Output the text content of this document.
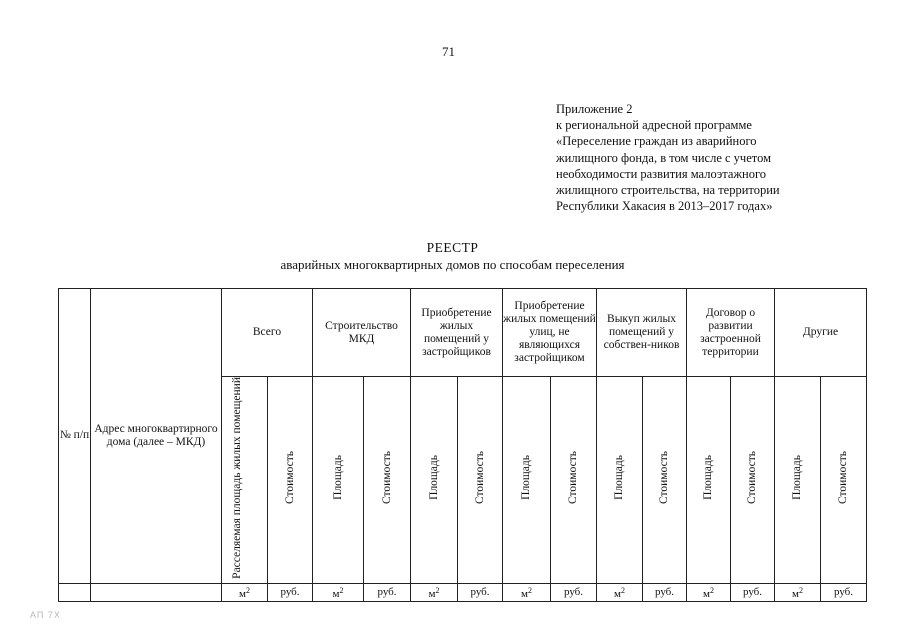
71
Приложение 2
к региональной адресной программе
«Переселение граждан из аварийного
жилищного фонда, в том числе с учетом
необходимости развития малоэтажного
жилищного строительства, на территории
Республики Хакасия в 2013–2017 годах»
РЕЕСТР
аварийных многоквартирных домов по способам переселения
№ п/п	Адрес многоквартирного дома (далее – МКД)	Всего		Строительство МКД		Приобретение жилых помещений у застройщиков		Приобретение жилых помещений улиц, не являющихся застройщиком		Выкуп жилых помещений у собствен-ников		Договор о развитии застроенной территории		Другие	
		Расселяемая площадь жилых помещений	Стоимость	Площадь	Стоимость	Площадь	Стоимость	Площадь	Стоимость	Площадь	Стоимость	Площадь	Стоимость	Площадь	Стоимость
		$м^2$	руб.	$м^2$	руб.	$м^2$	руб.	$м^2$	руб.	$м^2$	руб.	$м^2$	руб.	$м^2$	руб.
АП 7Х
